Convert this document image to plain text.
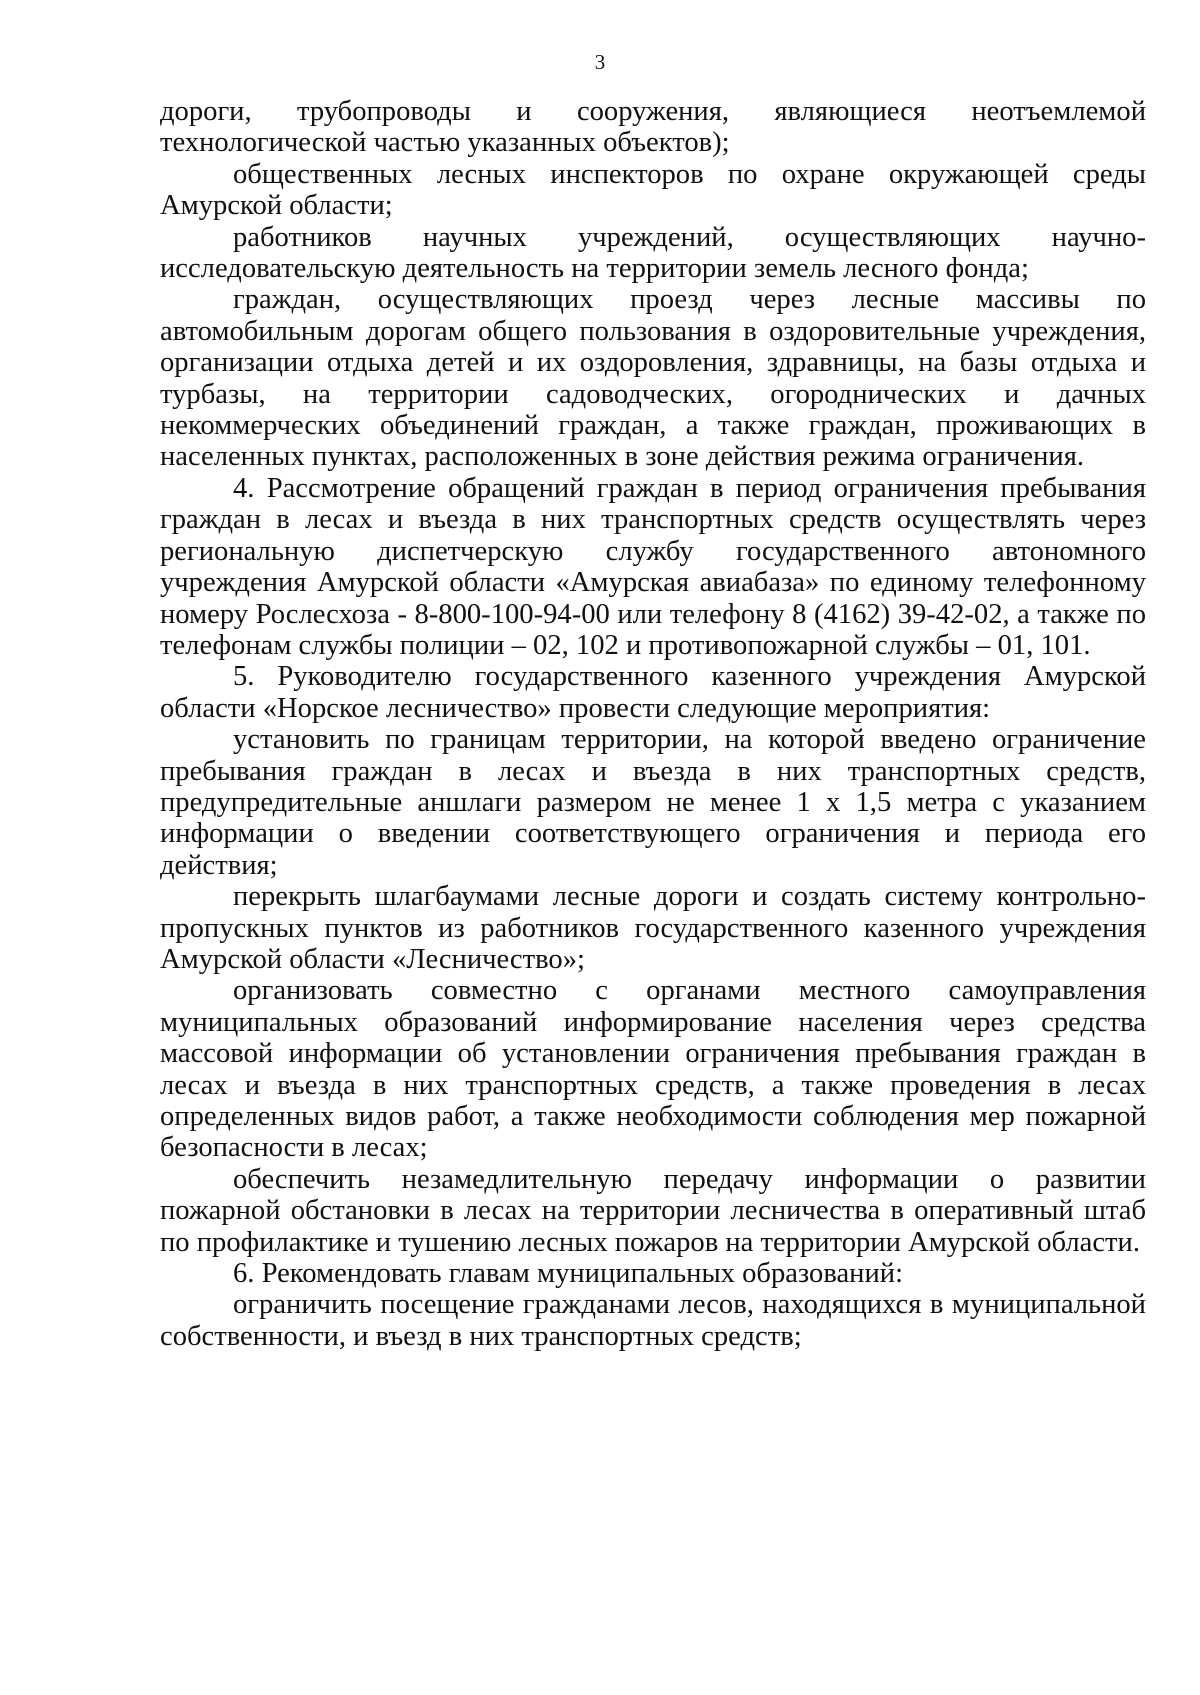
3

дороги, трубопроводы и сооружения, являющиеся неотъемлемой технологической частью указанных объектов);

общественных лесных инспекторов по охране окружающей среды Амурской области;

работников научных учреждений, осуществляющих научно-исследовательскую деятельность на территории земель лесного фонда;

граждан, осуществляющих проезд через лесные массивы по автомобильным дорогам общего пользования в оздоровительные учреждения, организации отдыха детей и их оздоровления, здравницы, на базы отдыха и турбазы, на территории садоводческих, огороднических и дачных некоммерческих объединений граждан, а также граждан, проживающих в населенных пунктах, расположенных в зоне действия режима ограничения.

4. Рассмотрение обращений граждан в период ограничения пребывания граждан в лесах и въезда в них транспортных средств осуществлять через региональную диспетчерскую службу государственного автономного учреждения Амурской области «Амурская авиабаза» по единому телефонному номеру Рослесхоза - 8-800-100-94-00 или телефону 8 (4162) 39-42-02, а также по телефонам службы полиции – 02, 102 и противопожарной службы – 01, 101.

5. Руководителю государственного казенного учреждения Амурской области «Норское лесничество» провести следующие мероприятия:

установить по границам территории, на которой введено ограничение пребывания граждан в лесах и въезда в них транспортных средств, предупредительные аншлаги размером не менее 1 х 1,5 метра с указанием информации о введении соответствующего ограничения и периода его действия;

перекрыть шлагбаумами лесные дороги и создать систему контрольно-пропускных пунктов из работников государственного казенного учреждения Амурской области «Лесничество»;

организовать совместно с органами местного самоуправления муниципальных образований информирование населения через средства массовой информации об установлении ограничения пребывания граждан в лесах и въезда в них транспортных средств, а также проведения в лесах определенных видов работ, а также необходимости соблюдения мер пожарной безопасности в лесах;

обеспечить незамедлительную передачу информации о развитии пожарной обстановки в лесах на территории лесничества в оперативный штаб по профилактике и тушению лесных пожаров на территории Амурской области.

6. Рекомендовать главам муниципальных образований:

ограничить посещение гражданами лесов, находящихся в муниципальной собственности, и въезд в них транспортных средств;
